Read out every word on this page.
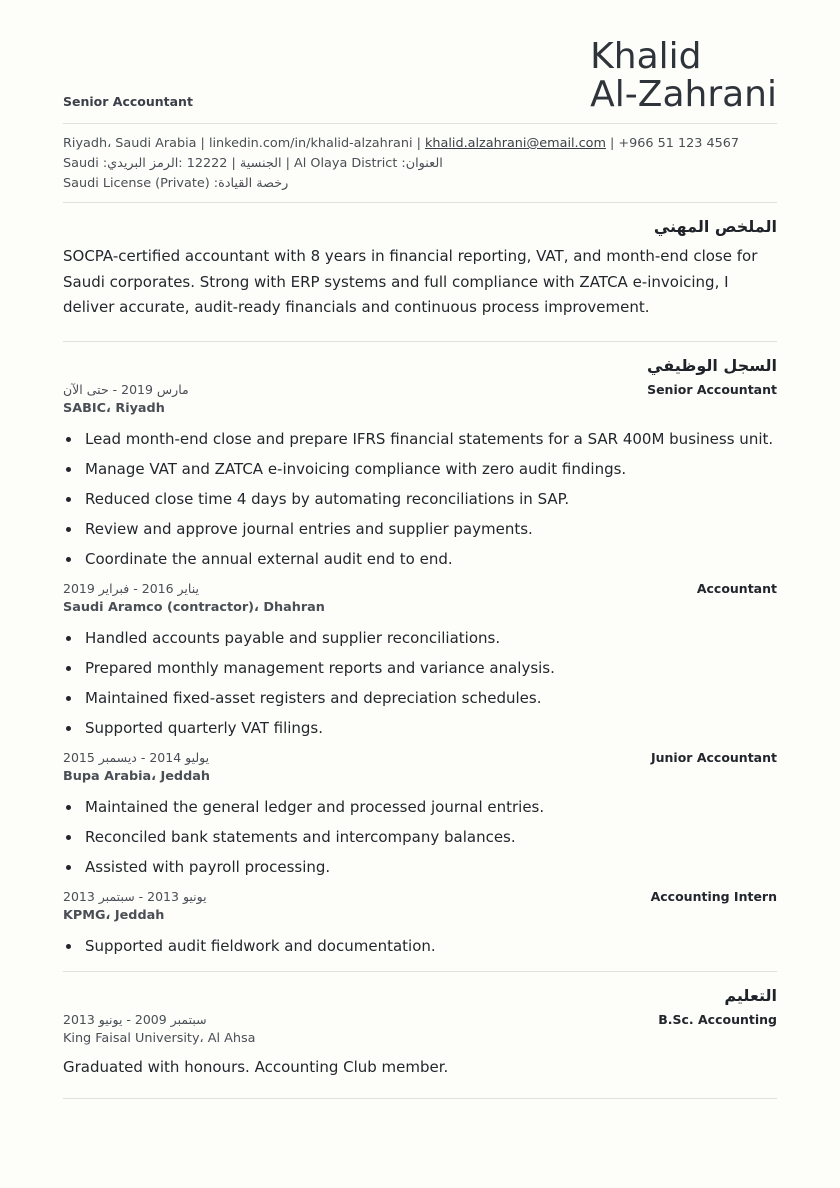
Senior Accountant
Khalid
Al-Zahrani
Riyadh، Saudi Arabia | linkedin.com/in/khalid-alzahrani | khalid.alzahrani@email.com | +966 51 123 4567
Saudi :الجنسية | 12222 :الرمز البريدي | Al Olaya District :العنوان
Saudi License (Private) :رخصة القيادة
الملخص المهني
SOCPA-certified accountant with 8 years in financial reporting, VAT, and month-end close for Saudi corporates. Strong with ERP systems and full compliance with ZATCA e-invoicing, I deliver accurate, audit-ready financials and continuous process improvement.
السجل الوظيفي
مارس 2019 - حتى الآن	Senior Accountant
SABIC، Riyadh
Lead month-end close and prepare IFRS financial statements for a SAR 400M business unit.
Manage VAT and ZATCA e-invoicing compliance with zero audit findings.
Reduced close time 4 days by automating reconciliations in SAP.
Review and approve journal entries and supplier payments.
Coordinate the annual external audit end to end.
يناير 2016 - فبراير 2019	Accountant
Saudi Aramco (contractor)، Dhahran
Handled accounts payable and supplier reconciliations.
Prepared monthly management reports and variance analysis.
Maintained fixed-asset registers and depreciation schedules.
Supported quarterly VAT filings.
يوليو 2014 - ديسمبر 2015	Junior Accountant
Bupa Arabia، Jeddah
Maintained the general ledger and processed journal entries.
Reconciled bank statements and intercompany balances.
Assisted with payroll processing.
يونيو 2013 - سبتمبر 2013	Accounting Intern
KPMG، Jeddah
Supported audit fieldwork and documentation.
التعليم
سبتمبر 2009 - يونيو 2013	B.Sc. Accounting
King Faisal University، Al Ahsa
Graduated with honours. Accounting Club member.
